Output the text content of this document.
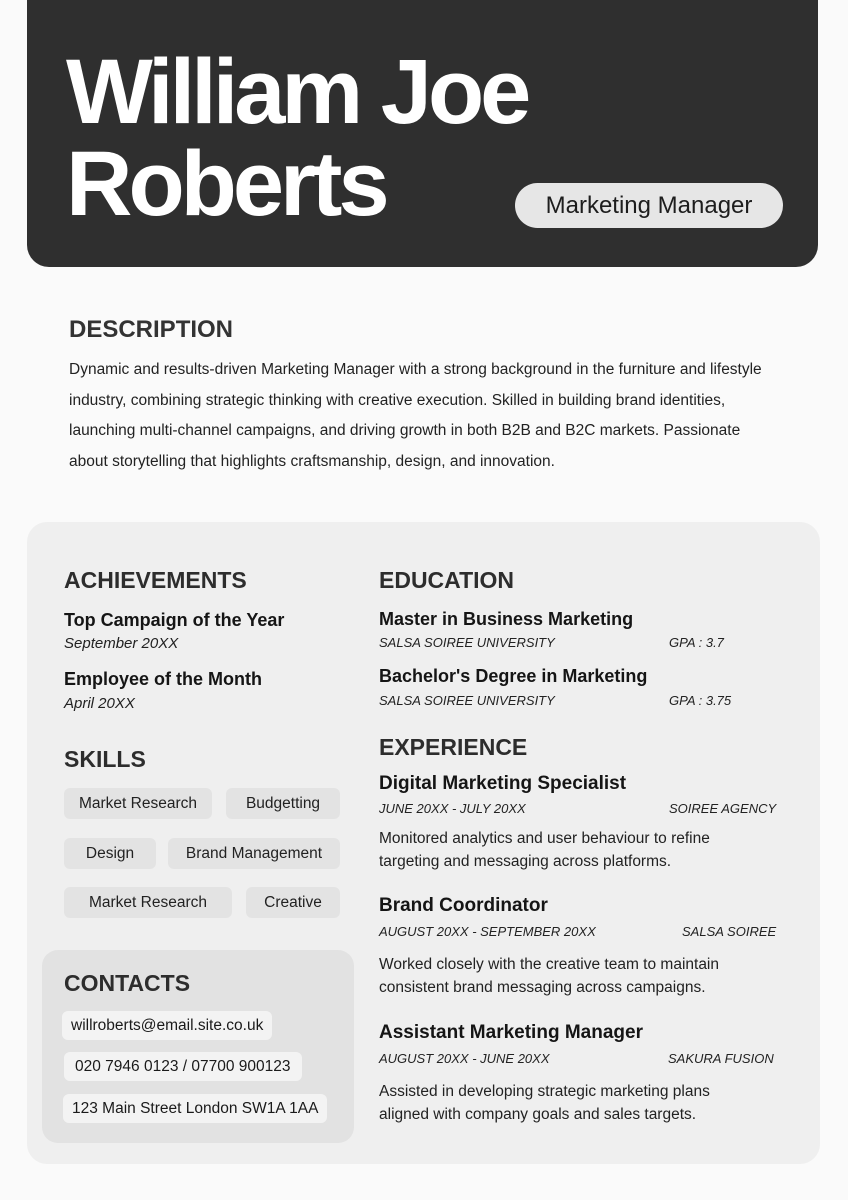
William Joe
Roberts	Marketing Manager
DESCRIPTION
Dynamic and results-driven Marketing Manager with a strong background in the furniture and lifestyle
industry, combining strategic thinking with creative execution. Skilled in building brand identities,
launching multi-channel campaigns, and driving growth in both B2B and B2C markets. Passionate
about storytelling that highlights craftsmanship, design, and innovation.
ACHIEVEMENTS
Top Campaign of the Year
September 20XX
Employee of the Month
April 20XX
SKILLS
Market Research	Budgetting
Design	Brand Management
Market Research	Creative
CONTACTS
willroberts@email.site.co.uk
020 7946 0123 / 07700 900123
123 Main Street London SW1A 1AA
EDUCATION
Master in Business Marketing
SALSA SOIREE UNIVERSITY	GPA : 3.7
Bachelor's Degree in Marketing
SALSA SOIREE UNIVERSITY	GPA : 3.75
EXPERIENCE
Digital Marketing Specialist
JUNE 20XX - JULY 20XX	SOIREE AGENCY
Monitored analytics and user behaviour to refine
targeting and messaging across platforms.
Brand Coordinator
AUGUST 20XX - SEPTEMBER 20XX	SALSA SOIREE
Worked closely with the creative team to maintain
consistent brand messaging across campaigns.
Assistant Marketing Manager
AUGUST 20XX - JUNE 20XX	SAKURA FUSION
Assisted in developing strategic marketing plans
aligned with company goals and sales targets.
